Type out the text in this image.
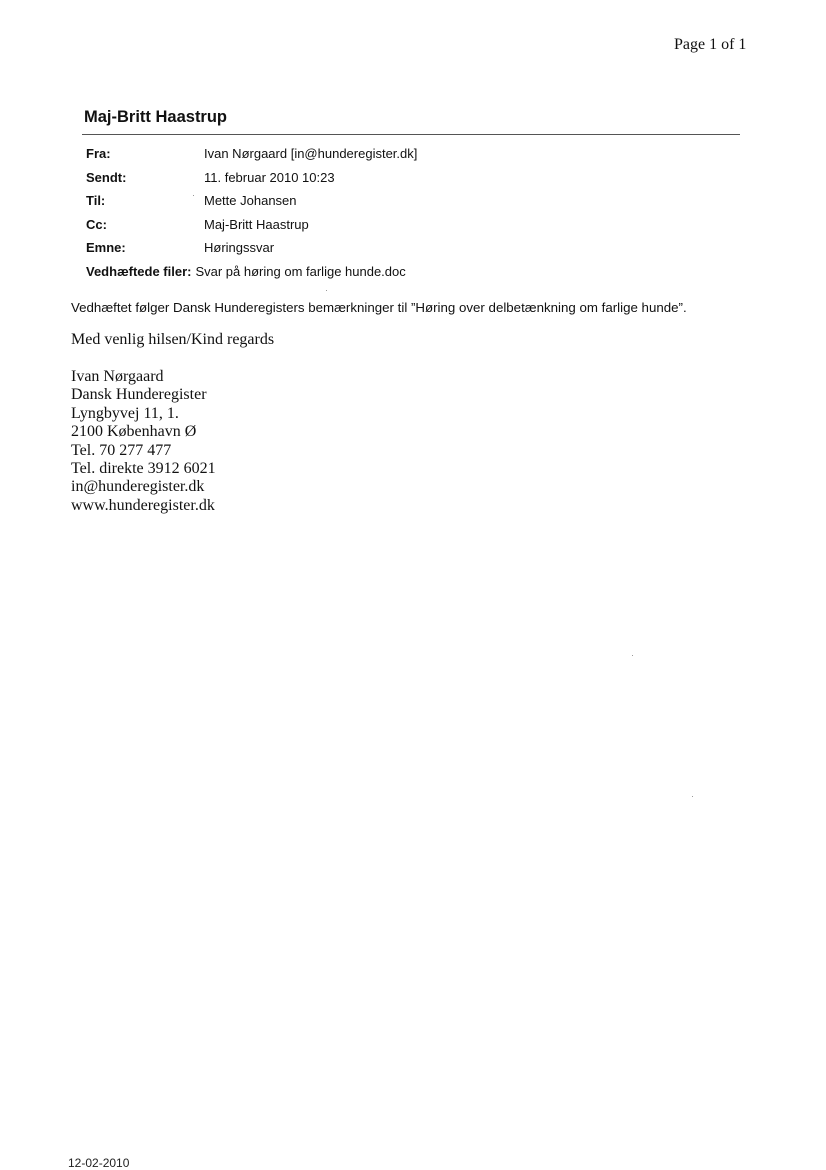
Page 1 of 1
Maj-Britt Haastrup
Fra:	Ivan Nørgaard [in@hunderegister.dk]
Sendt:	11. februar 2010 10:23
Til:	Mette Johansen
Cc:	Maj-Britt Haastrup
Emne:	Høringssvar
Vedhæftede filer: Svar på høring om farlige hunde.doc
Vedhæftet følger Dansk Hunderegisters bemærkninger til ”Høring over delbetænkning om farlige hunde”.
Med venlig hilsen/Kind regards
Ivan Nørgaard
Dansk Hunderegister
Lyngbyvej 11, 1.
2100 København Ø
Tel. 70 277 477
Tel. direkte 3912 6021
in@hunderegister.dk
www.hunderegister.dk
12-02-2010
